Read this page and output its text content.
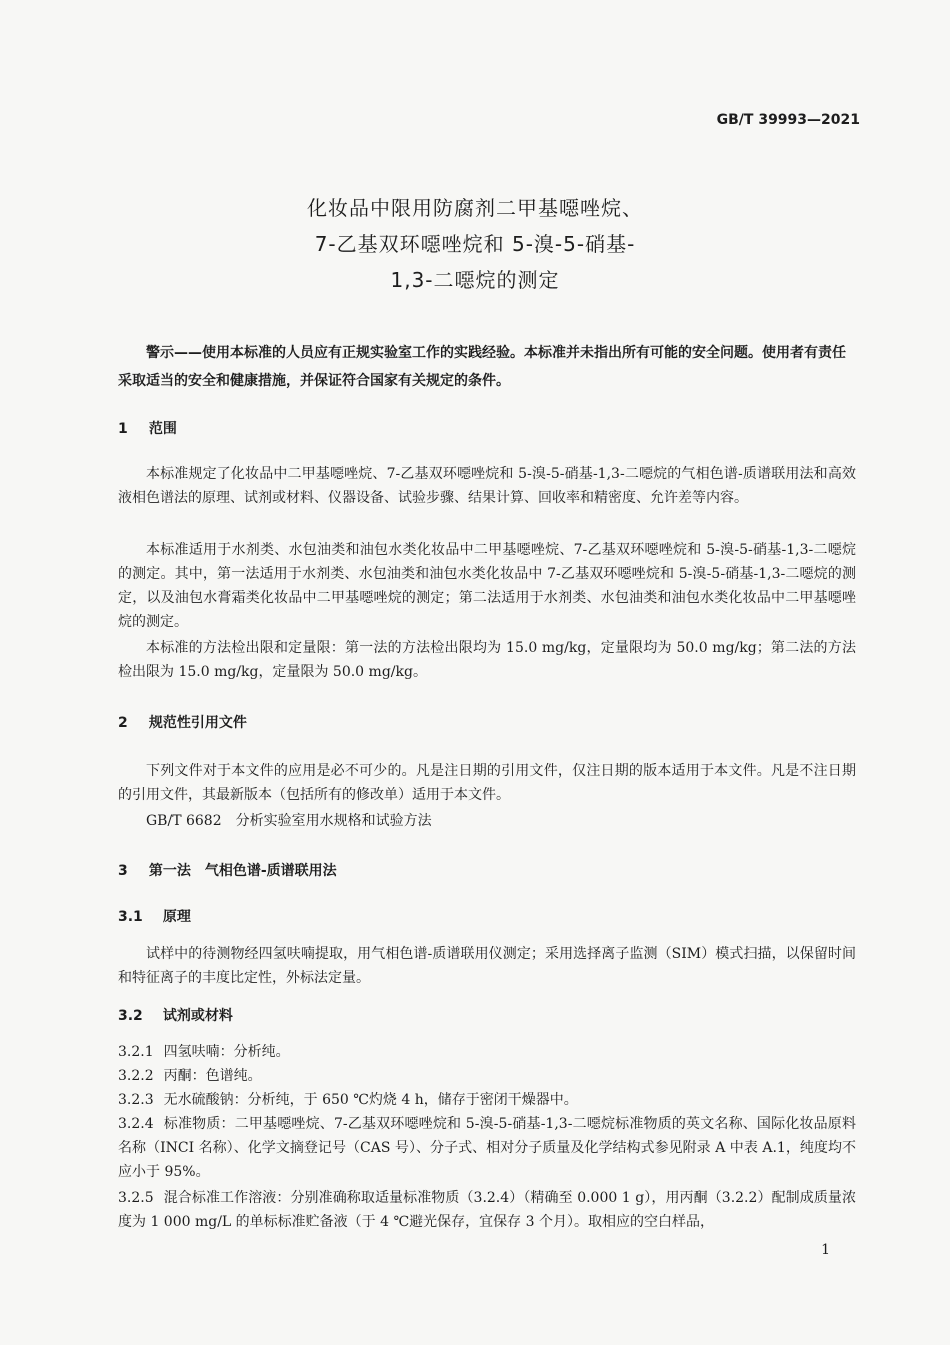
GB/T 39993—2021
化妆品中限用防腐剂二甲基噁唑烷、
7-乙基双环噁唑烷和 5-溴-5-硝基-
1,3-二噁烷的测定

警示——使用本标准的人员应有正规实验室工作的实践经验。本标准并未指出所有可能的安全问题。使用者有责任采取适当的安全和健康措施，并保证符合国家有关规定的条件。

1 范围

本标准规定了化妆品中二甲基噁唑烷、7-乙基双环噁唑烷和 5-溴-5-硝基-1,3-二噁烷的气相色谱-质谱联用法和高效液相色谱法的原理、试剂或材料、仪器设备、试验步骤、结果计算、回收率和精密度、允许差等内容。

本标准适用于水剂类、水包油类和油包水类化妆品中二甲基噁唑烷、7-乙基双环噁唑烷和 5-溴-5-硝基-1,3-二噁烷的测定。其中，第一法适用于水剂类、水包油类和油包水类化妆品中 7-乙基双环噁唑烷和 5-溴-5-硝基-1,3-二噁烷的测定，以及油包水膏霜类化妆品中二甲基噁唑烷的测定；第二法适用于水剂类、水包油类和油包水类化妆品中二甲基噁唑烷的测定。

本标准的方法检出限和定量限：第一法的方法检出限均为 15.0 mg/kg，定量限均为 50.0 mg/kg；第二法的方法检出限为 15.0 mg/kg，定量限为 50.0 mg/kg。

2 规范性引用文件

下列文件对于本文件的应用是必不可少的。凡是注日期的引用文件，仅注日期的版本适用于本文件。凡是不注日期的引用文件，其最新版本（包括所有的修改单）适用于本文件。

GB/T 6682　分析实验室用水规格和试验方法
3 第一法　气相色谱-质谱联用法
3.1 原理

试样中的待测物经四氢呋喃提取，用气相色谱-质谱联用仪测定；采用选择离子监测（SIM）模式扫描，以保留时间和特征离子的丰度比定性，外标法定量。

3.2 试剂或材料

3.2.1 四氢呋喃：分析纯。

3.2.2 丙酮：色谱纯。

3.2.3 无水硫酸钠：分析纯，于 650 ℃灼烧 4 h，储存于密闭干燥器中。

3.2.4 标准物质：二甲基噁唑烷、7-乙基双环噁唑烷和 5-溴-5-硝基-1,3-二噁烷标准物质的英文名称、国际化妆品原料名称（INCI 名称）、化学文摘登记号（CAS 号）、分子式、相对分子质量及化学结构式参见附录 A 中表 A.1，纯度均不应小于 95%。

3.2.5 混合标准工作溶液：分别准确称取适量标准物质（3.2.4）（精确至 0.000 1 g），用丙酮（3.2.2）配制成质量浓度为 1 000 mg/L 的单标标准贮备液（于 4 ℃避光保存，宜保存 3 个月）。取相应的空白样品，

1
